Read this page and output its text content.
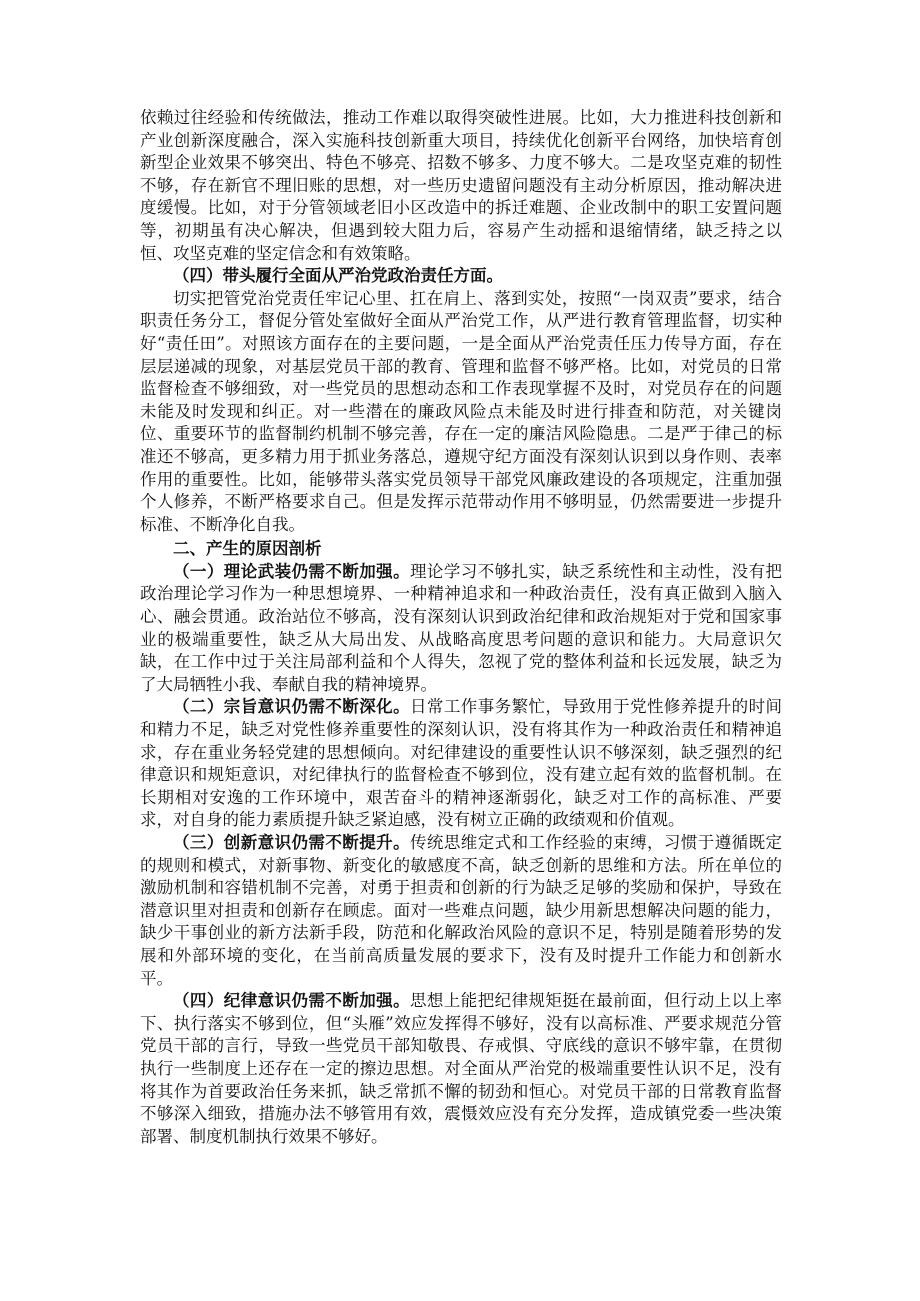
依赖过往经验和传统做法，推动工作难以取得突破性进展。比如，大力推进科技创新和产业创新深度融合，深入实施科技创新重大项目，持续优化创新平台网络，加快培育创新型企业效果不够突出、特色不够亮、招数不够多、力度不够大。二是攻坚克难的韧性不够，存在新官不理旧账的思想，对一些历史遗留问题没有主动分析原因，推动解决进度缓慢。比如，对于分管领域老旧小区改造中的拆迁难题、企业改制中的职工安置问题等，初期虽有决心解决，但遇到较大阻力后，容易产生动摇和退缩情绪，缺乏持之以恒、攻坚克难的坚定信念和有效策略。

（四）带头履行全面从严治党政治责任方面。

切实把管党治党责任牢记心里、扛在肩上、落到实处，按照“一岗双责”要求，结合职责任务分工，督促分管处室做好全面从严治党工作，从严进行教育管理监督，切实种好“责任田”。对照该方面存在的主要问题，一是全面从严治党责任压力传导方面，存在层层递减的现象，对基层党员干部的教育、管理和监督不够严格。比如，对党员的日常监督检查不够细致，对一些党员的思想动态和工作表现掌握不及时，对党员存在的问题未能及时发现和纠正。对一些潜在的廉政风险点未能及时进行排查和防范，对关键岗位、重要环节的监督制约机制不够完善，存在一定的廉洁风险隐患。二是严于律己的标准还不够高，更多精力用于抓业务落总，遵规守纪方面没有深刻认识到以身作则、表率作用的重要性。比如，能够带头落实党员领导干部党风廉政建设的各项规定，注重加强个人修养，不断严格要求自己。但是发挥示范带动作用不够明显，仍然需要进一步提升标准、不断净化自我。

二、产生的原因剖析

（一）理论武装仍需不断加强。理论学习不够扎实，缺乏系统性和主动性，没有把政治理论学习作为一种思想境界、一种精神追求和一种政治责任，没有真正做到入脑入心、融会贯通。政治站位不够高，没有深刻认识到政治纪律和政治规矩对于党和国家事业的极端重要性，缺乏从大局出发、从战略高度思考问题的意识和能力。大局意识欠缺，在工作中过于关注局部利益和个人得失，忽视了党的整体利益和长远发展，缺乏为了大局牺牲小我、奉献自我的精神境界。

（二）宗旨意识仍需不断深化。日常工作事务繁忙，导致用于党性修养提升的时间和精力不足，缺乏对党性修养重要性的深刻认识，没有将其作为一种政治责任和精神追求，存在重业务轻党建的思想倾向。对纪律建设的重要性认识不够深刻，缺乏强烈的纪律意识和规矩意识，对纪律执行的监督检查不够到位，没有建立起有效的监督机制。在长期相对安逸的工作环境中，艰苦奋斗的精神逐渐弱化，缺乏对工作的高标准、严要求，对自身的能力素质提升缺乏紧迫感，没有树立正确的政绩观和价值观。

（三）创新意识仍需不断提升。传统思维定式和工作经验的束缚，习惯于遵循既定的规则和模式，对新事物、新变化的敏感度不高，缺乏创新的思维和方法。所在单位的激励机制和容错机制不完善，对勇于担责和创新的行为缺乏足够的奖励和保护，导致在潜意识里对担责和创新存在顾虑。面对一些难点问题，缺少用新思想解决问题的能力，缺少干事创业的新方法新手段，防范和化解政治风险的意识不足，特别是随着形势的发展和外部环境的变化，在当前高质量发展的要求下，没有及时提升工作能力和创新水平。

（四）纪律意识仍需不断加强。思想上能把纪律规矩挺在最前面，但行动上以上率下、执行落实不够到位，但“头雁”效应发挥得不够好，没有以高标准、严要求规范分管党员干部的言行，导致一些党员干部知敬畏、存戒惧、守底线的意识不够牢靠，在贯彻执行一些制度上还存在一定的擦边思想。对全面从严治党的极端重要性认识不足，没有将其作为首要政治任务来抓，缺乏常抓不懈的韧劲和恒心。对党员干部的日常教育监督不够深入细致，措施办法不够管用有效，震慑效应没有充分发挥，造成镇党委一些决策部署、制度机制执行效果不够好。
